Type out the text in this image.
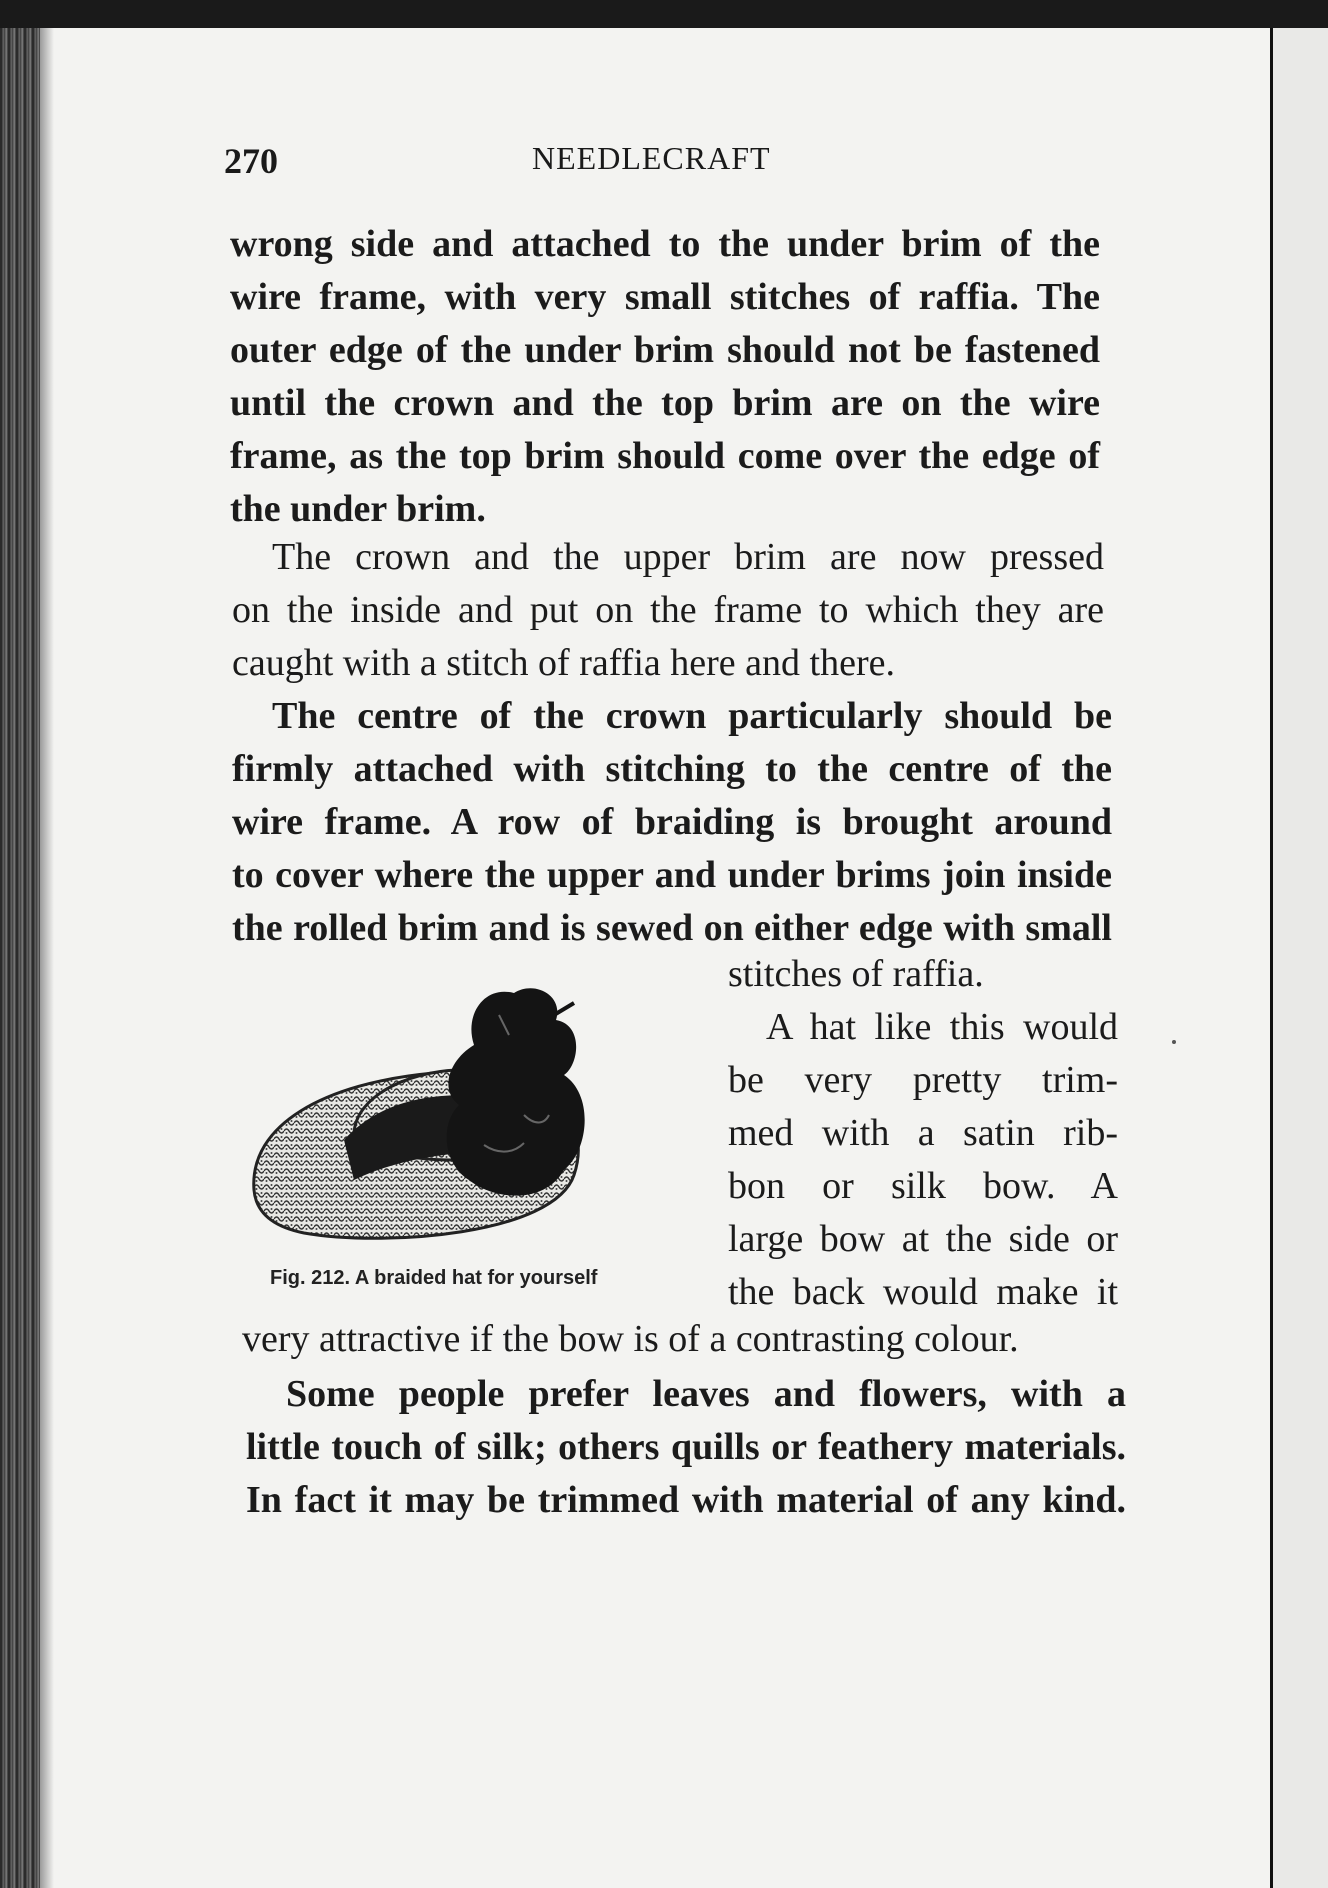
270	NEEDLECRAFT
wrong side and attached to the under brim of the
wire frame, with very small stitches of raffia. The
outer edge of the under brim should not be fastened
until the crown and the top brim are on the wire
frame, as the top brim should come over the edge of
the under brim.
The crown and the upper brim are now pressed
on the inside and put on the frame to which they are
caught with a stitch of raffia here and there.
The centre of the crown particularly should be
firmly attached with stitching to the centre of the
wire frame. A row of braiding is brought around
to cover where the upper and under brims join inside
the rolled brim and is sewed on either edge with small
stitches of raffia.
A hat like this would
be very pretty trim-
med with a satin rib-
bon or silk bow. A
large bow at the side or
the back would make it
Fig. 212. A braided hat for yourself
very attractive if the bow is of a contrasting colour.
Some people prefer leaves and flowers, with a
little touch of silk; others quills or feathery materials.
In fact it may be trimmed with material of any kind.
